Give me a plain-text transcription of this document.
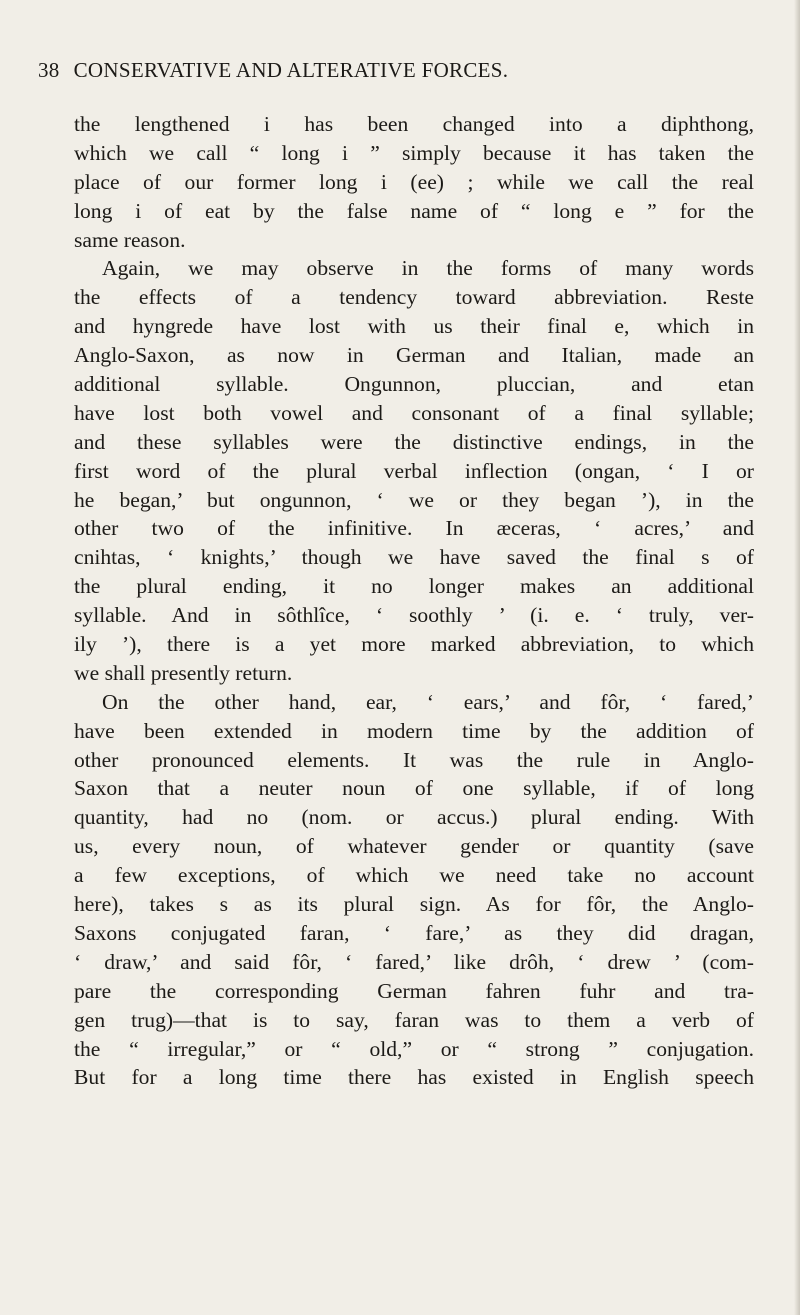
38 CONSERVATIVE AND ALTERATIVE FORCES.
the lengthened i has been changed into a diphthong,
which we call “ long i ” simply because it has taken the
place of our former long i (ee) ; while we call the real
long i of eat by the false name of “ long e ” for the
same reason.
Again, we may observe in the forms of many words
the effects of a tendency toward abbreviation. Reste
and hyngrede have lost with us their final e, which in
Anglo-Saxon, as now in German and Italian, made an
additional syllable. Ongunnon, pluccian, and etan
have lost both vowel and consonant of a final syllable;
and these syllables were the distinctive endings, in the
first word of the plural verbal inflection (ongan, ‘ I or
he began,’ but ongunnon, ‘ we or they began ’), in the
other two of the infinitive. In æceras, ‘ acres,’ and
cnihtas, ‘ knights,’ though we have saved the final s of
the plural ending, it no longer makes an additional
syllable. And in sôthlîce, ‘ soothly ’ (i. e. ‘ truly, ver-
ily ’), there is a yet more marked abbreviation, to which
we shall presently return.
On the other hand, ear, ‘ ears,’ and fôr, ‘ fared,’
have been extended in modern time by the addition of
other pronounced elements. It was the rule in Anglo-
Saxon that a neuter noun of one syllable, if of long
quantity, had no (nom. or accus.) plural ending. With
us, every noun, of whatever gender or quantity (save
a few exceptions, of which we need take no account
here), takes s as its plural sign. As for fôr, the Anglo-
Saxons conjugated faran, ‘ fare,’ as they did dragan,
‘ draw,’ and said fôr, ‘ fared,’ like drôh, ‘ drew ’ (com-
pare the corresponding German fahren fuhr and tra-
gen trug)—that is to say, faran was to them a verb of
the “ irregular,” or “ old,” or “ strong ” conjugation.
But for a long time there has existed in English speech
